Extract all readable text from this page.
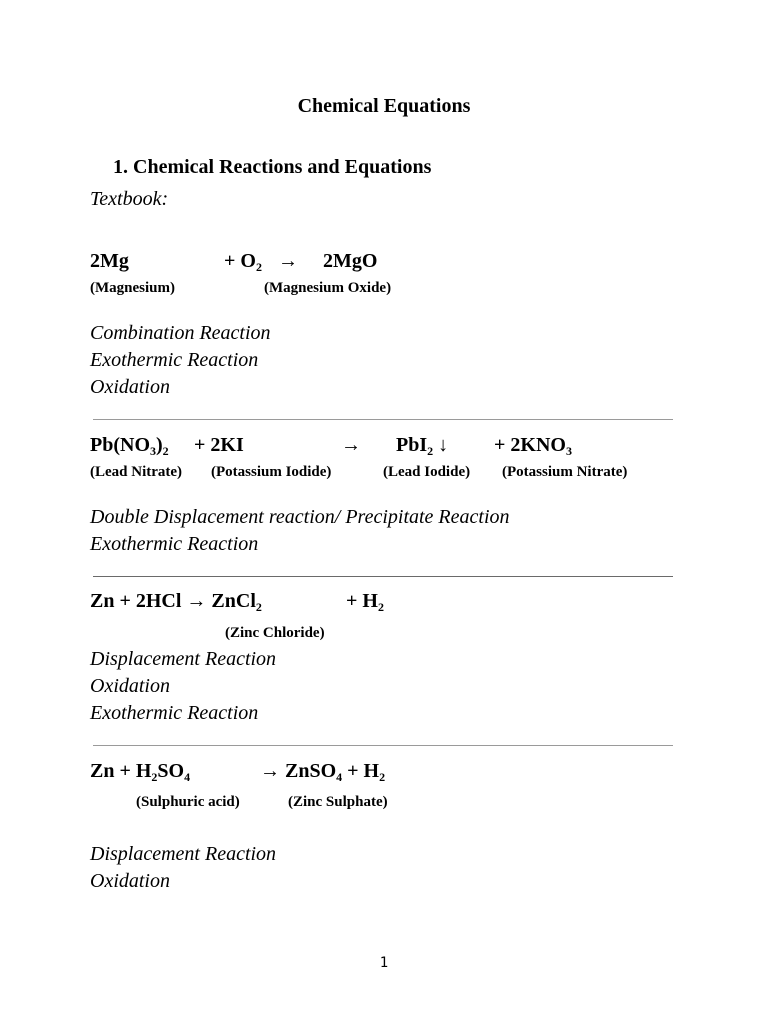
Chemical Equations
1. Chemical Reactions and Equations
Textbook:
2Mg	+ $O_2 \to 2MgO$
(Magnesium)	(Magnesium Oxide)
Combination Reaction
Exothermic Reaction
Oxidation
$Pb(NO_3)_2 + 2KI$	→ PbI$_2$ ↓ + $2KNO_3$
(Lead Nitrate) (Potassium Iodide)	(Lead Iodide) (Potassium Nitrate)
Double Displacement reaction/ Precipitate Reaction
Exothermic Reaction
Zn + 2HCl → ZnCl$_2$	+ $H_2$
(Zinc Chloride)
Displacement Reaction
Oxidation
Exothermic Reaction
$Zn + H_2SO_4$	→ ZnSO$_4$ + $H_2$
(Sulphuric acid)	(Zinc Sulphate)
Displacement Reaction
Oxidation
1
